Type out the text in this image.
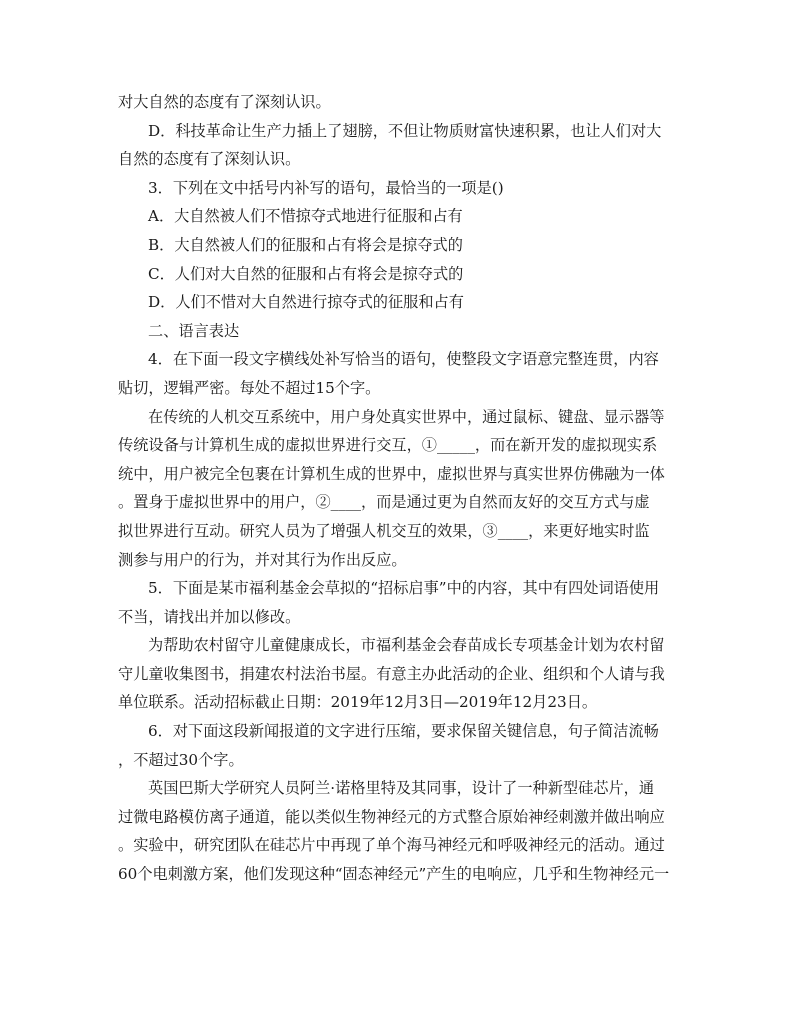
对大自然的态度有了深刻认识。
D．科技革命让生产力插上了翅膀，不但让物质财富快速积累，也让人们对大
自然的态度有了深刻认识。
3．下列在文中括号内补写的语句，最恰当的一项是()
A．大自然被人们不惜掠夺式地进行征服和占有
B．大自然被人们的征服和占有将会是掠夺式的
C．人们对大自然的征服和占有将会是掠夺式的
D．人们不惜对大自然进行掠夺式的征服和占有
二、语言表达
4．在下面一段文字横线处补写恰当的语句，使整段文字语意完整连贯，内容
贴切，逻辑严密。每处不超过15个字。
在传统的人机交互系统中，用户身处真实世界中，通过鼠标、键盘、显示器等
传统设备与计算机生成的虚拟世界进行交互，①_____，而在新开发的虚拟现实系
统中，用户被完全包裹在计算机生成的世界中，虚拟世界与真实世界仿佛融为一体
。置身于虚拟世界中的用户，②____，而是通过更为自然而友好的交互方式与虚
拟世界进行互动。研究人员为了增强人机交互的效果，③____，来更好地实时监
测参与用户的行为，并对其行为作出反应。
5．下面是某市福利基金会草拟的“招标启事”中的内容，其中有四处词语使用
不当，请找出并加以修改。
为帮助农村留守儿童健康成长，市福利基金会春苗成长专项基金计划为农村留
守儿童收集图书，捐建农村法治书屋。有意主办此活动的企业、组织和个人请与我
单位联系。活动招标截止日期：2019年12月3日—2019年12月23日。
6．对下面这段新闻报道的文字进行压缩，要求保留关键信息，句子简洁流畅
，不超过30个字。
英国巴斯大学研究人员阿兰·诺格里特及其同事，设计了一种新型硅芯片，通
过微电路模仿离子通道，能以类似生物神经元的方式整合原始神经刺激并做出响应
。实验中，研究团队在硅芯片中再现了单个海马神经元和呼吸神经元的活动。通过
60个电刺激方案，他们发现这种“固态神经元”产生的电响应，几乎和生物神经元一
